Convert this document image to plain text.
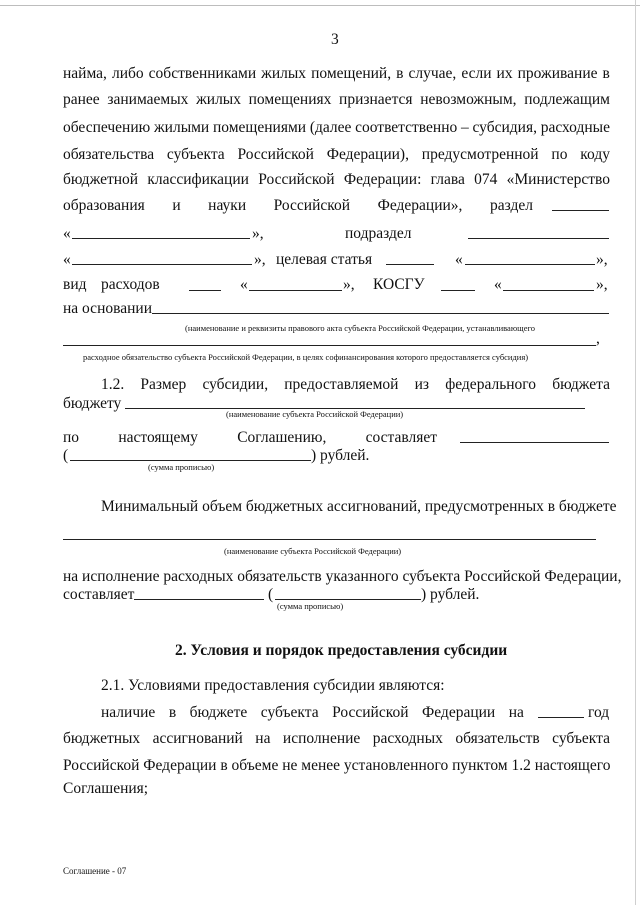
3
найма, либо собственниками жилых помещений, в случае, если их проживание в
ранее занимаемых жилых помещениях признается невозможным, подлежащим
обеспечению жилыми помещениями (далее соответственно – субсидия, расходные
обязательства субъекта Российской Федерации), предусмотренной по коду
бюджетной классификации Российской Федерации: глава 074 «Министерство
образования и науки Российской Федерации», раздел
«	»,	подраздел
«	», целевая статья	«	»,
вид расходов	«	», КОСГУ	«	»,
на основании
(наименование и реквизиты правового акта субъекта Российской Федерации, устанавливающего
,
расходное обязательство субъекта Российской Федерации, в целях софинансирования которого предоставляется субсидия)
1.2. Размер субсидии, предоставляемой из федерального бюджета
бюджету
(наименование субъекта Российской Федерации)
по	настоящему	Соглашению,	составляет
(	) рублей.
(сумма прописью)
Минимальный объем бюджетных ассигнований, предусмотренных в бюджете
(наименование субъекта Российской Федерации)
на исполнение расходных обязательств указанного субъекта Российской Федерации,
составляет	(	) рублей.
(сумма прописью)
2. Условия и порядок предоставления субсидии
2.1. Условиями предоставления субсидии являются:
наличие в бюджете субъекта Российской Федерации на	год
бюджетных ассигнований на исполнение расходных обязательств субъекта
Российской Федерации в объеме не менее установленного пунктом 1.2 настоящего
Соглашения;
Соглашение - 07
